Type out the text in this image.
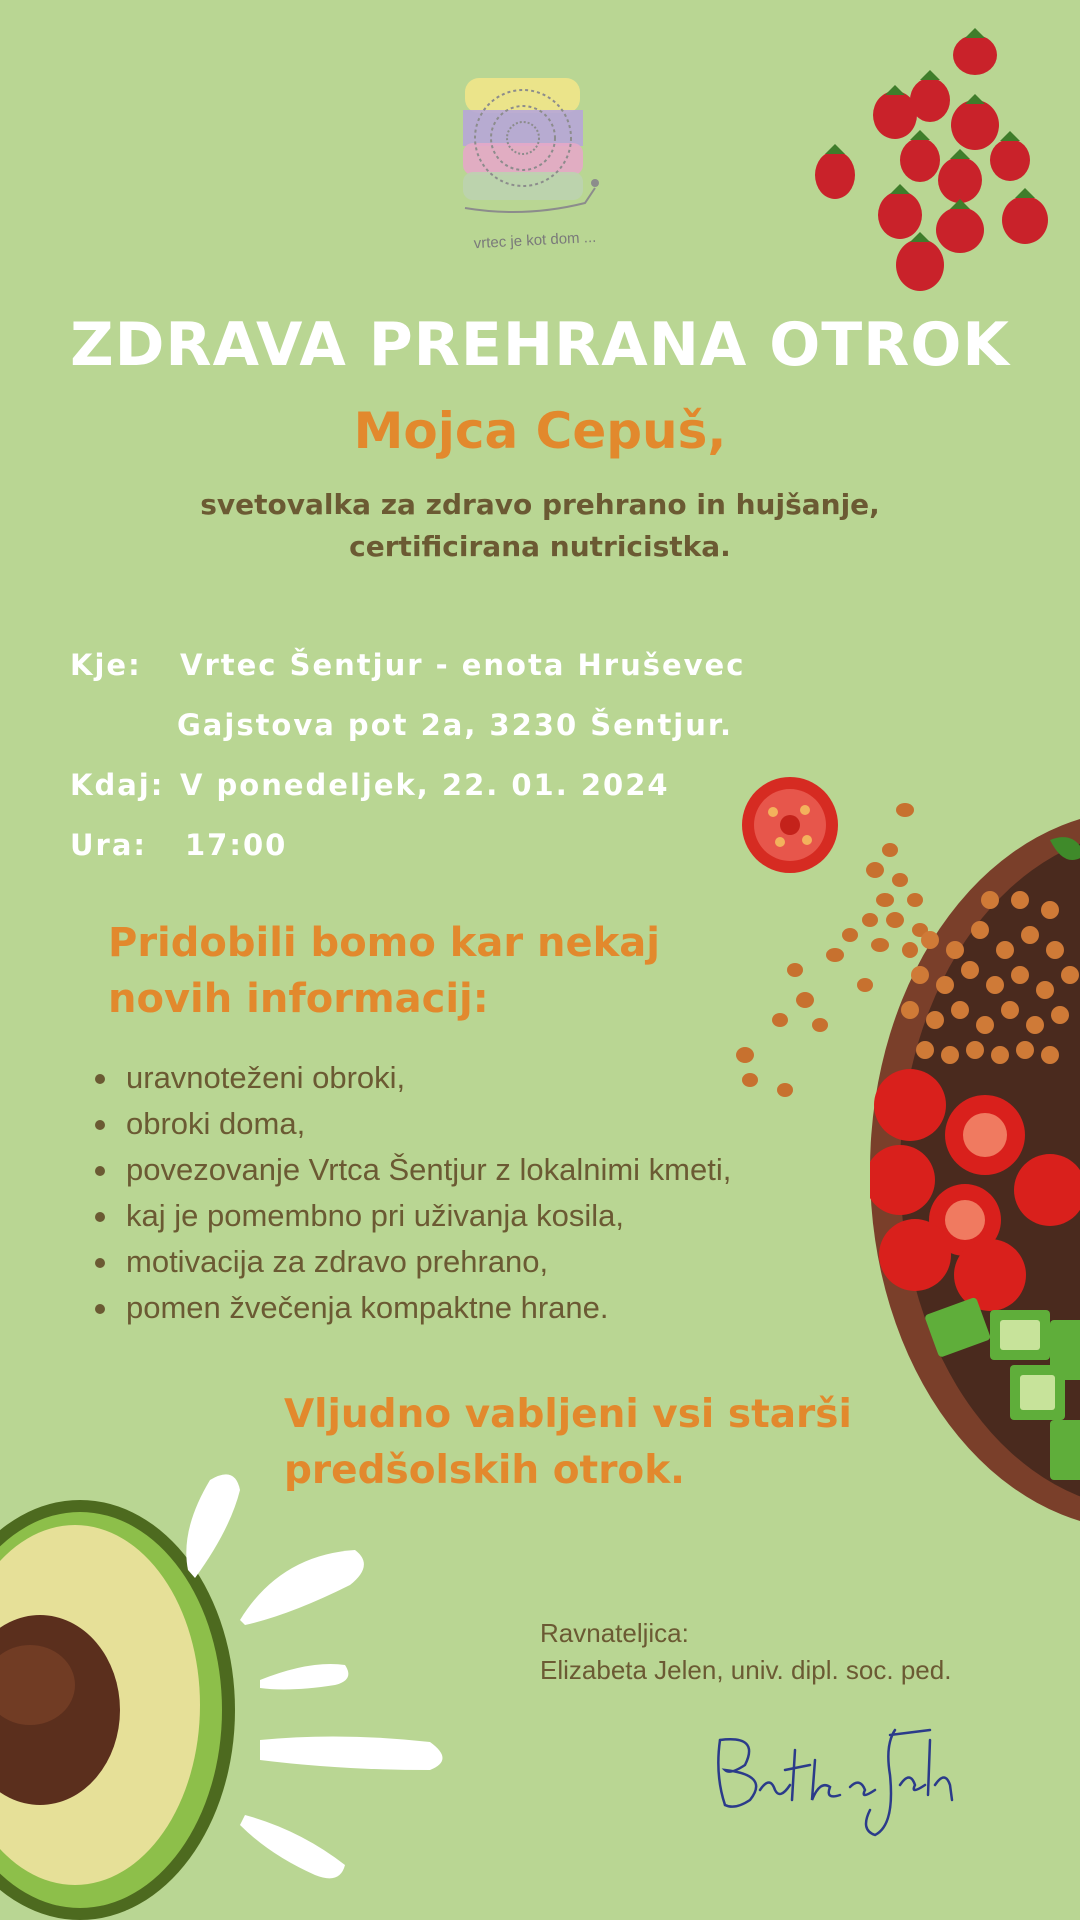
vrtec je kot dom ...
ZDRAVA PREHRANA OTROK
Mojca Cepuš,
svetovalka za zdravo prehrano in hujšanje,
certificirana nutricistka.
Kje: Vrtec Šentjur - enota Hruševec
Gajstova pot 2a, 3230 Šentjur.
Kdaj: V ponedeljek, 22. 01. 2024
Ura: 17:00
Pridobili bomo kar nekaj
novih informacij:
uravnoteženi obroki,
obroki doma,
povezovanje Vrtca Šentjur z lokalnimi kmeti,
kaj je pomembno pri uživanja kosila,
motivacija za zdravo prehrano,
pomen žvečenja kompaktne hrane.
Vljudno vabljeni vsi starši
predšolskih otrok.
Ravnateljica:
Elizabeta Jelen, univ. dipl. soc. ped.
